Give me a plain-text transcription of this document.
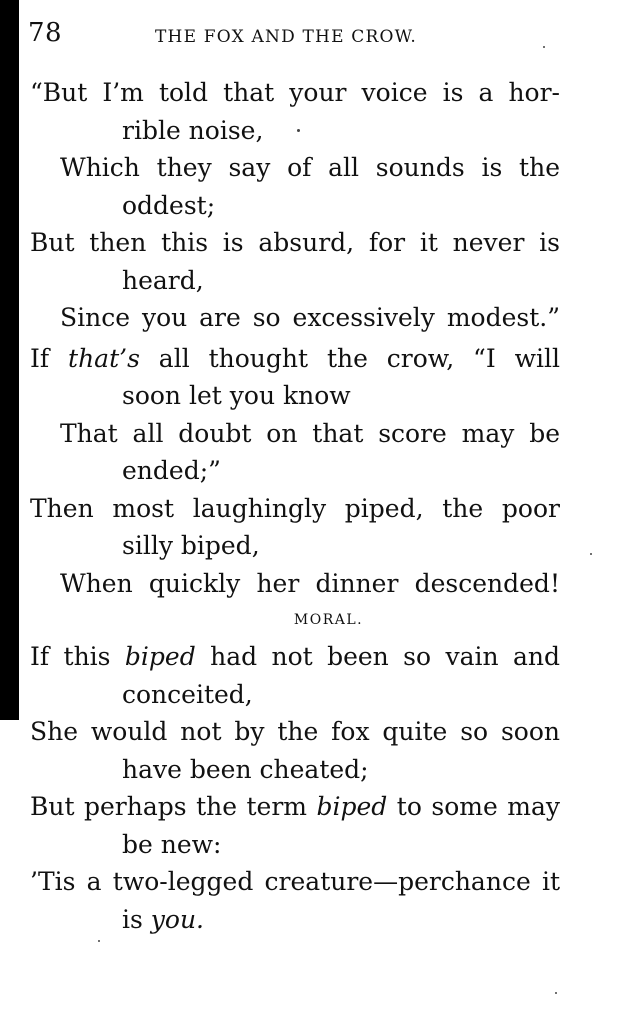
78	THE FOX AND THE CROW.
“But I’m told that your voice is a hor-
rible noise,
Which they say of all sounds is the
oddest;
But then this is absurd, for it never is
heard,
Since you are so excessively modest.”
If that’s all thought the crow, “I will
soon let you know
That all doubt on that score may be
ended;”
Then most laughingly piped, the poor
silly biped,
When quickly her dinner descended!
MORAL.
If this biped had not been so vain and
conceited,
She would not by the fox quite so soon
have been cheated;
But perhaps the term biped to some may
be new:
’Tis a two-legged creature—perchance it
is you.
